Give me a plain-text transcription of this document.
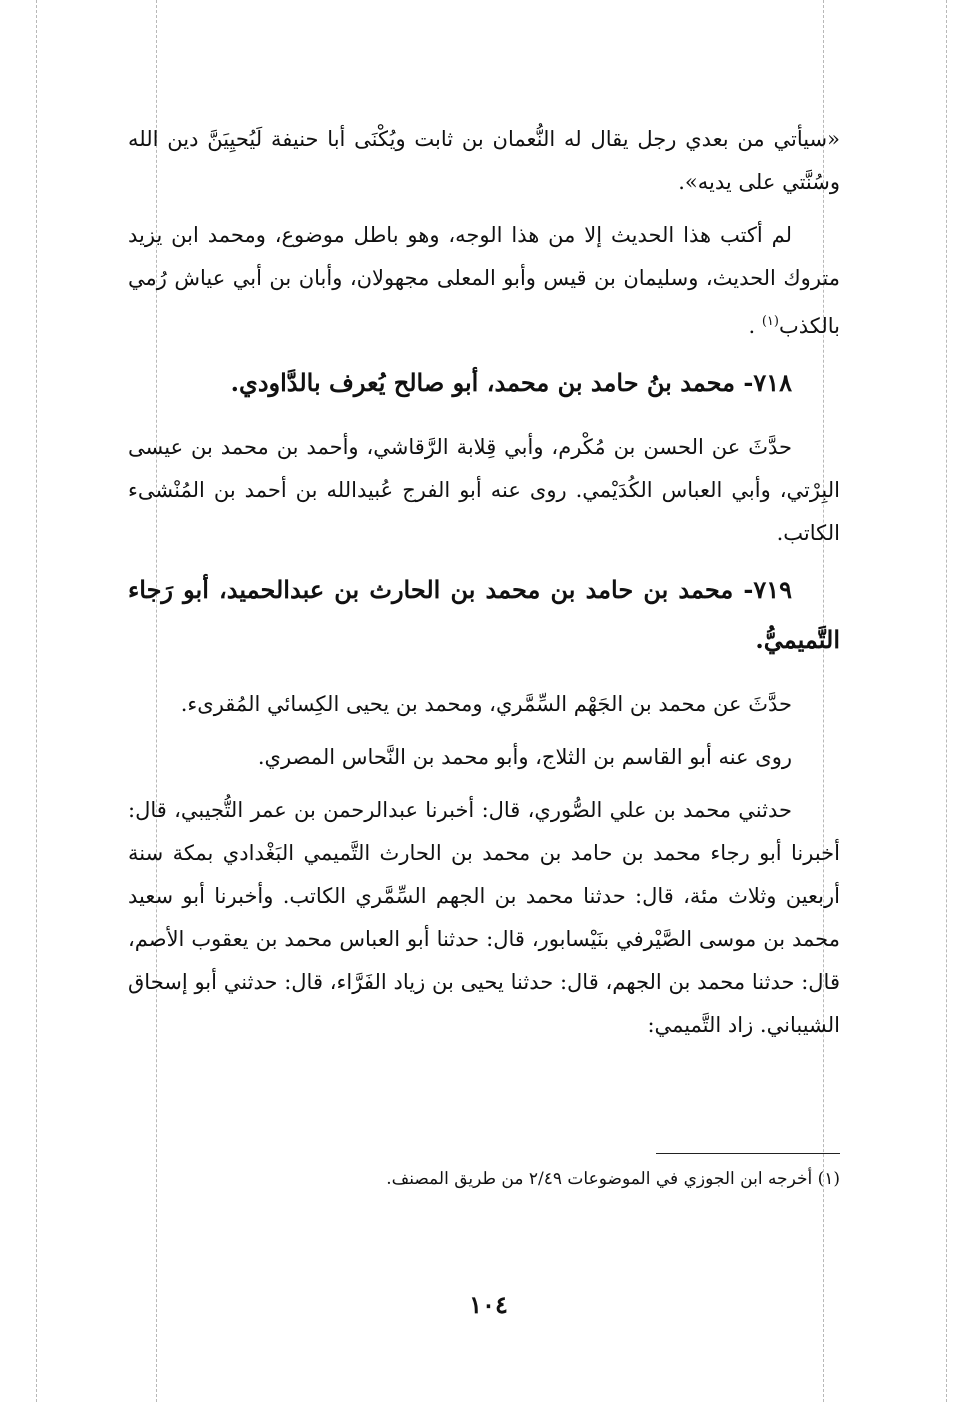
«سيأتي من بعدي رجل يقال له النُّعمان بن ثابت ويُكْنَى أبا حنيفة لَيُحيِيَنَّ دين الله وسُنَّتي على يديه».

لم أكتب هذا الحديث إلا من هذا الوجه، وهو باطل موضوع، ومحمد ابن يزيد متروك الحديث، وسليمان بن قيس وأبو المعلى مجهولان، وأبان بن أبي عياش رُمي بالكذب$^{(١)}$ .

٧١٨- محمد بنُ حامد بن محمد، أبو صالح يُعرف بالدَّاودي.

حدَّثَ عن الحسن بن مُكْرم، وأبي قِلابة الرَّقاشي، وأحمد بن محمد بن عيسى البِرْتي، وأبي العباس الكُدَيْمي. روى عنه أبو الفرج عُبيدالله بن أحمد بن المُنْشىء الكاتب.

٧١٩- محمد بن حامد بن محمد بن الحارث بن عبدالحميد، أبو رَجاء التَّميميُّ.

حدَّثَ عن محمد بن الجَهْم السِّمَّري، ومحمد بن يحيى الكِسائي المُقرىء.

روى عنه أبو القاسم بن الثلاج، وأبو محمد بن النَّحاس المصري.

حدثني محمد بن علي الصُّوري، قال: أخبرنا عبدالرحمن بن عمر التُّجيبي، قال: أخبرنا أبو رجاء محمد بن حامد بن محمد بن الحارث التَّميمي البَغْدادي بمكة سنة أربعين وثلاث مئة، قال: حدثنا محمد بن الجهم السِّمَّري الكاتب. وأخبرنا أبو سعيد محمد بن موسى الصَّيْرفي بنَيْسابور، قال: حدثنا أبو العباس محمد بن يعقوب الأصم، قال: حدثنا محمد بن الجهم، قال: حدثنا يحيى بن زياد الفَرَّاء، قال: حدثني أبو إسحاق الشيباني. زاد التَّميمي:

(١) أخرجه ابن الجوزي في الموضوعات ٢/٤٩ من طريق المصنف.
١٠٤
